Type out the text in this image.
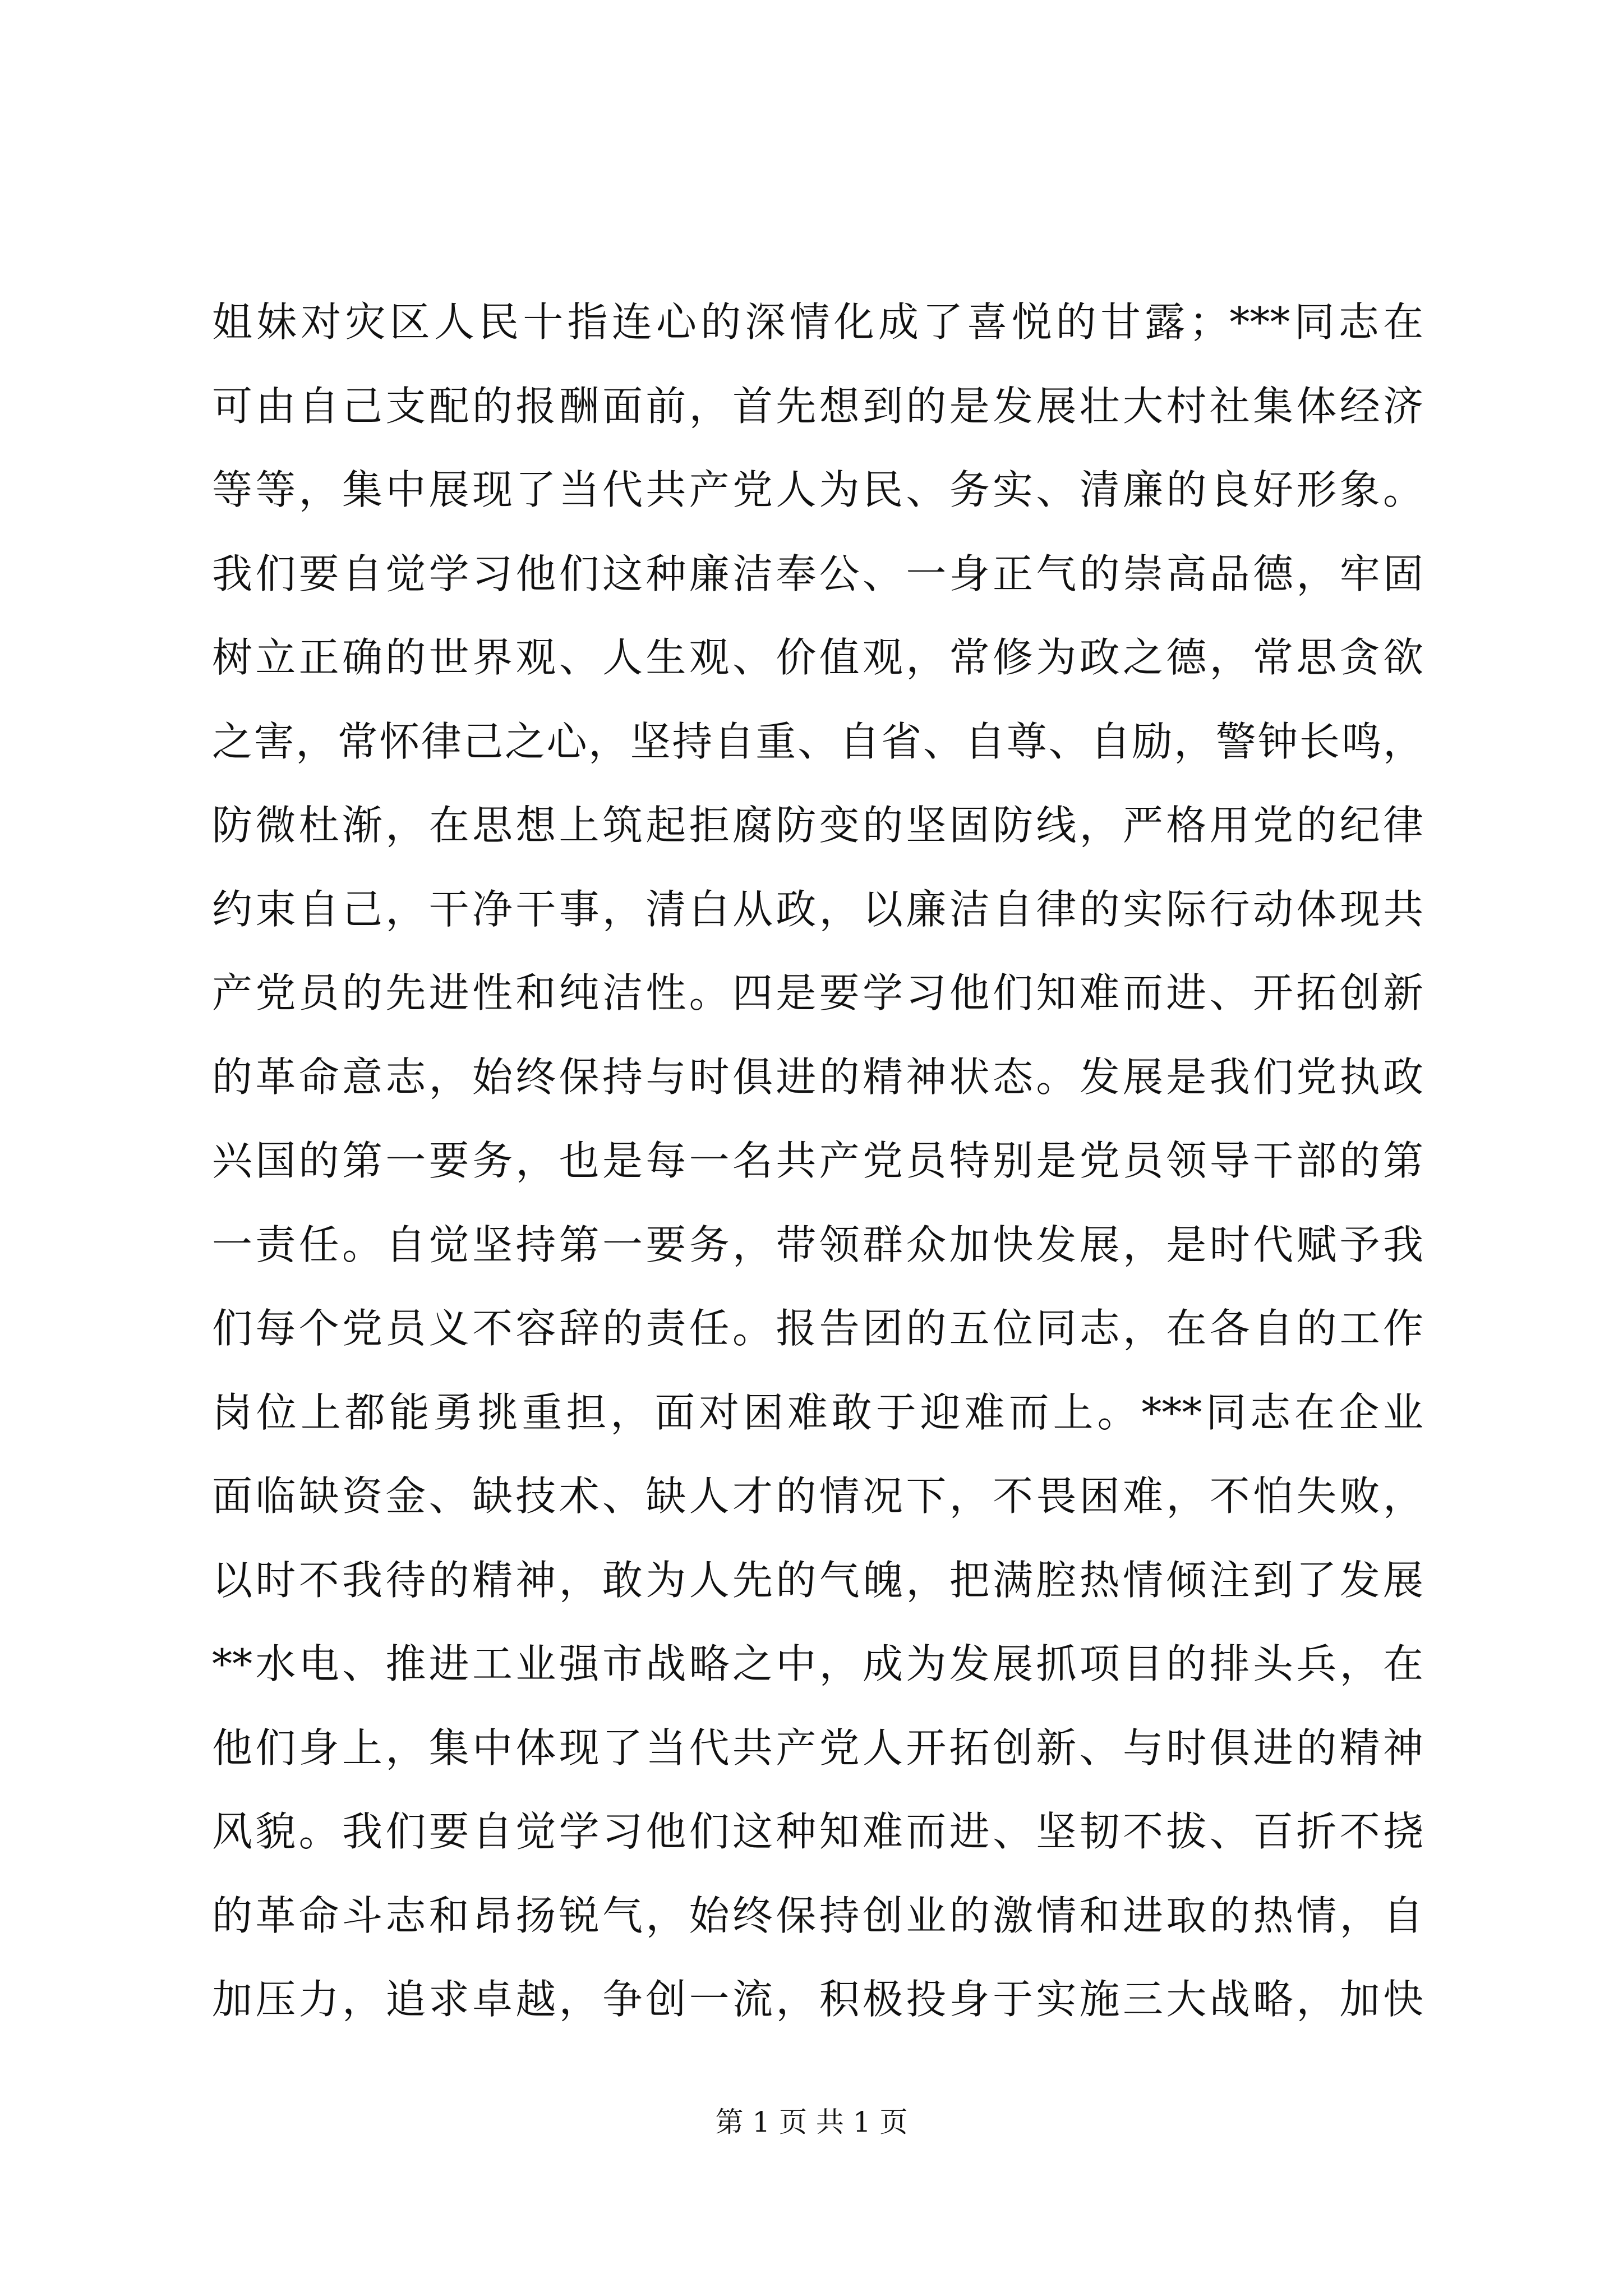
姐妹对灾区人民十指连心的深情化成了喜悦的甘露；***同志在
可由自己支配的报酬面前，首先想到的是发展壮大村社集体经济
等等，集中展现了当代共产党人为民、务实、清廉的良好形象。
我们要自觉学习他们这种廉洁奉公、一身正气的崇高品德，牢固
树立正确的世界观、人生观、价值观，常修为政之德，常思贪欲
之害，常怀律己之心，坚持自重、自省、自尊、自励，警钟长鸣，
防微杜渐，在思想上筑起拒腐防变的坚固防线，严格用党的纪律
约束自己，干净干事，清白从政，以廉洁自律的实际行动体现共
产党员的先进性和纯洁性。四是要学习他们知难而进、开拓创新
的革命意志，始终保持与时俱进的精神状态。发展是我们党执政
兴国的第一要务，也是每一名共产党员特别是党员领导干部的第
一责任。自觉坚持第一要务，带领群众加快发展，是时代赋予我
们每个党员义不容辞的责任。报告团的五位同志，在各自的工作
岗位上都能勇挑重担，面对困难敢于迎难而上。***同志在企业
面临缺资金、缺技术、缺人才的情况下，不畏困难，不怕失败，
以时不我待的精神，敢为人先的气魄，把满腔热情倾注到了发展
**水电、推进工业强市战略之中，成为发展抓项目的排头兵，在
他们身上，集中体现了当代共产党人开拓创新、与时俱进的精神
风貌。我们要自觉学习他们这种知难而进、坚韧不拔、百折不挠
的革命斗志和昂扬锐气，始终保持创业的激情和进取的热情，自
加压力，追求卓越，争创一流，积极投身于实施三大战略，加快
第 1 页 共 1 页
